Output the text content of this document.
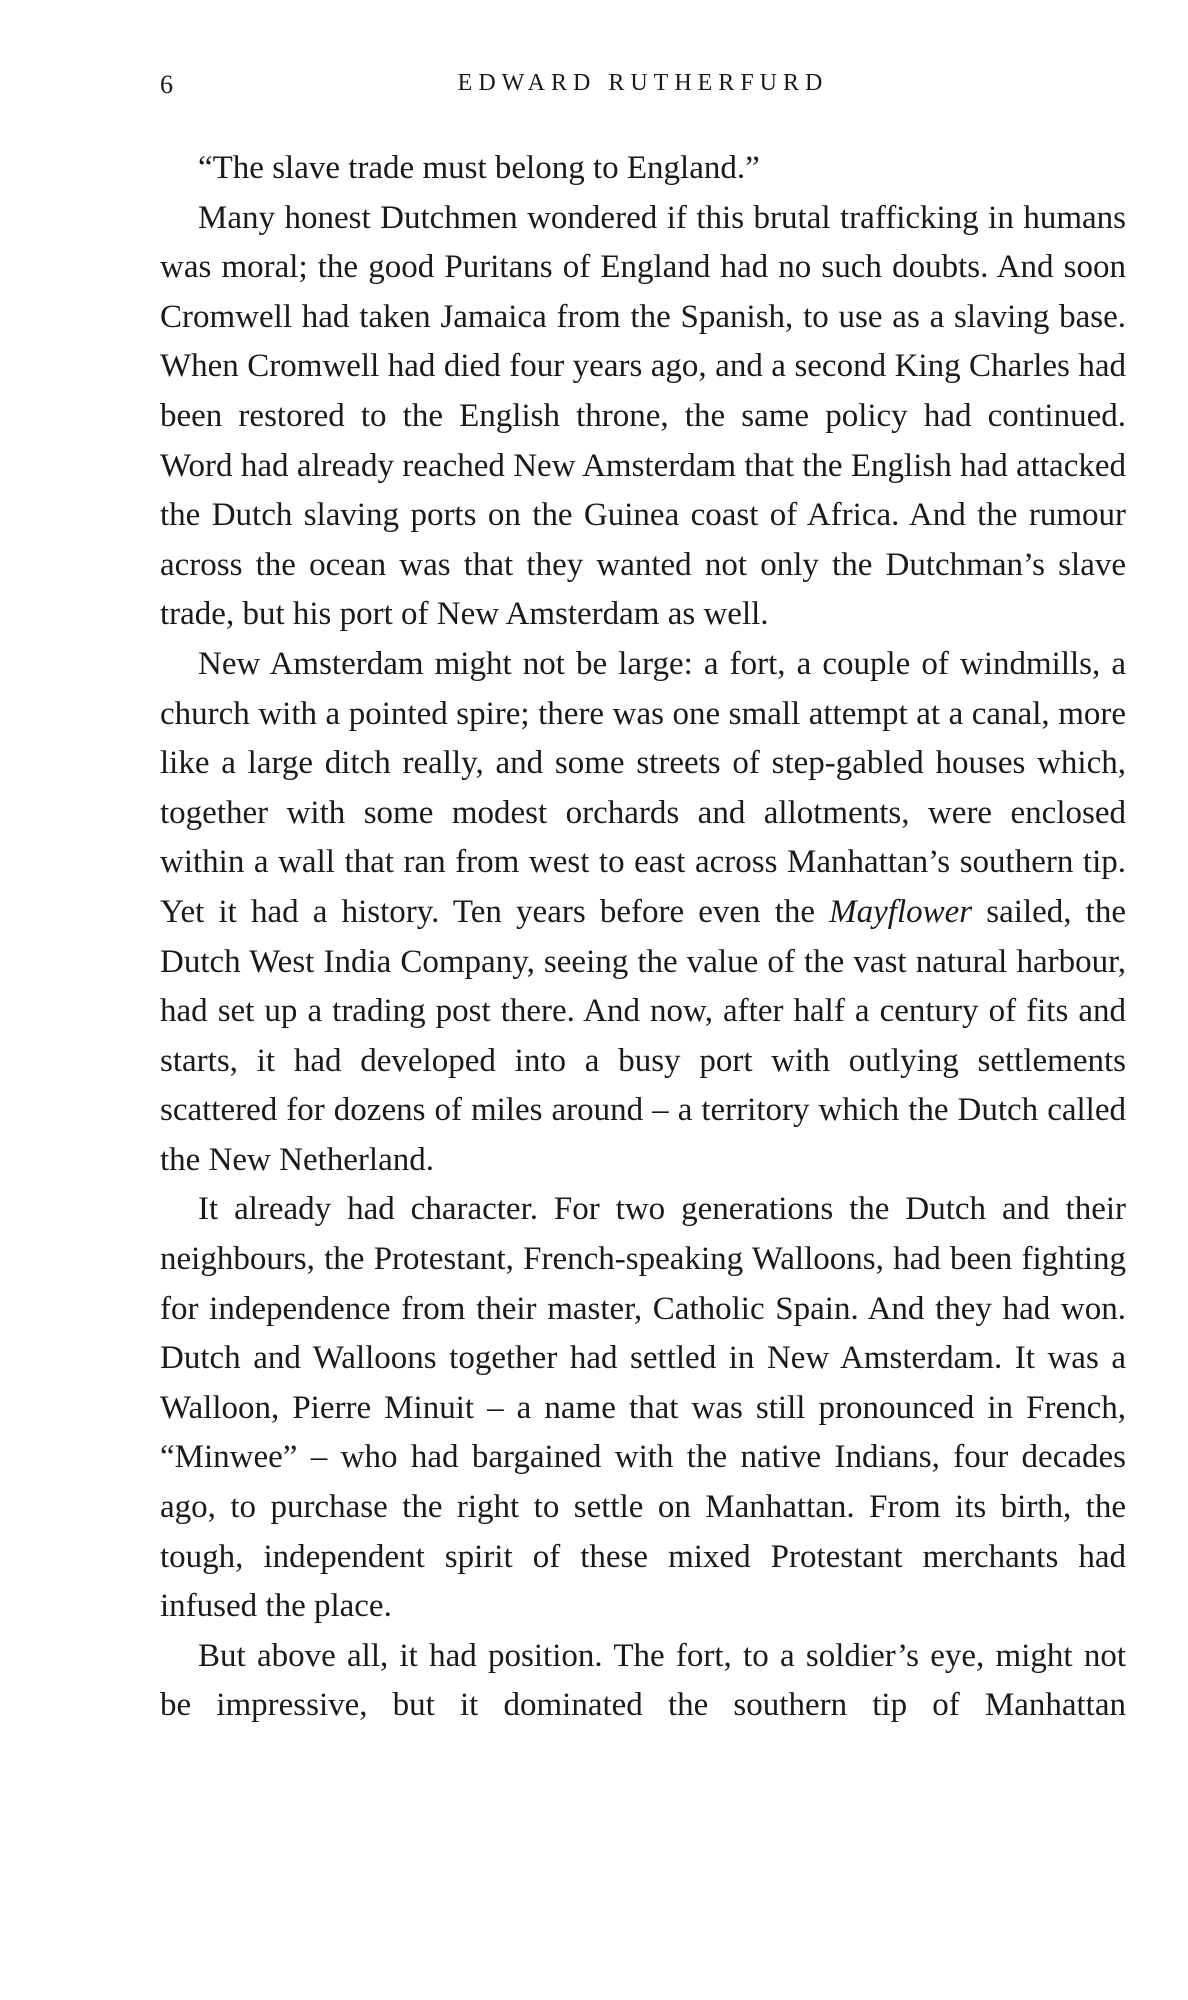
6	EDWARD RUTHERFURD

“The slave trade must belong to England.”

Many honest Dutchmen wondered if this brutal trafficking in humans was moral; the good Puritans of England had no such doubts. And soon Cromwell had taken Jamaica from the Spanish, to use as a slaving base. When Cromwell had died four years ago, and a second King Charles had been restored to the English throne, the same policy had continued. Word had already reached New Amsterdam that the English had attacked the Dutch slaving ports on the Guinea coast of Africa. And the rumour across the ocean was that they wanted not only the Dutchman’s slave trade, but his port of New Amsterdam as well.

New Amsterdam might not be large: a fort, a couple of windmills, a church with a pointed spire; there was one small attempt at a canal, more like a large ditch really, and some streets of step-gabled houses which, together with some modest orchards and allotments, were enclosed within a wall that ran from west to east across Manhattan’s southern tip. Yet it had a history. Ten years before even the Mayflower sailed, the Dutch West India Company, seeing the value of the vast natural harbour, had set up a trading post there. And now, after half a century of fits and starts, it had developed into a busy port with outlying settlements scattered for dozens of miles around – a territory which the Dutch called the New Netherland.

It already had character. For two generations the Dutch and their neighbours, the Protestant, French-speaking Walloons, had been fighting for independence from their master, Catholic Spain. And they had won. Dutch and Walloons together had settled in New Amsterdam. It was a Walloon, Pierre Minuit – a name that was still pronounced in French, “Minwee” – who had bargained with the native Indians, four decades ago, to purchase the right to settle on Manhattan. From its birth, the tough, independent spirit of these mixed Protestant merchants had infused the place.

But above all, it had position. The fort, to a soldier’s eye, might not be impressive, but it dominated the southern tip of Manhattan
